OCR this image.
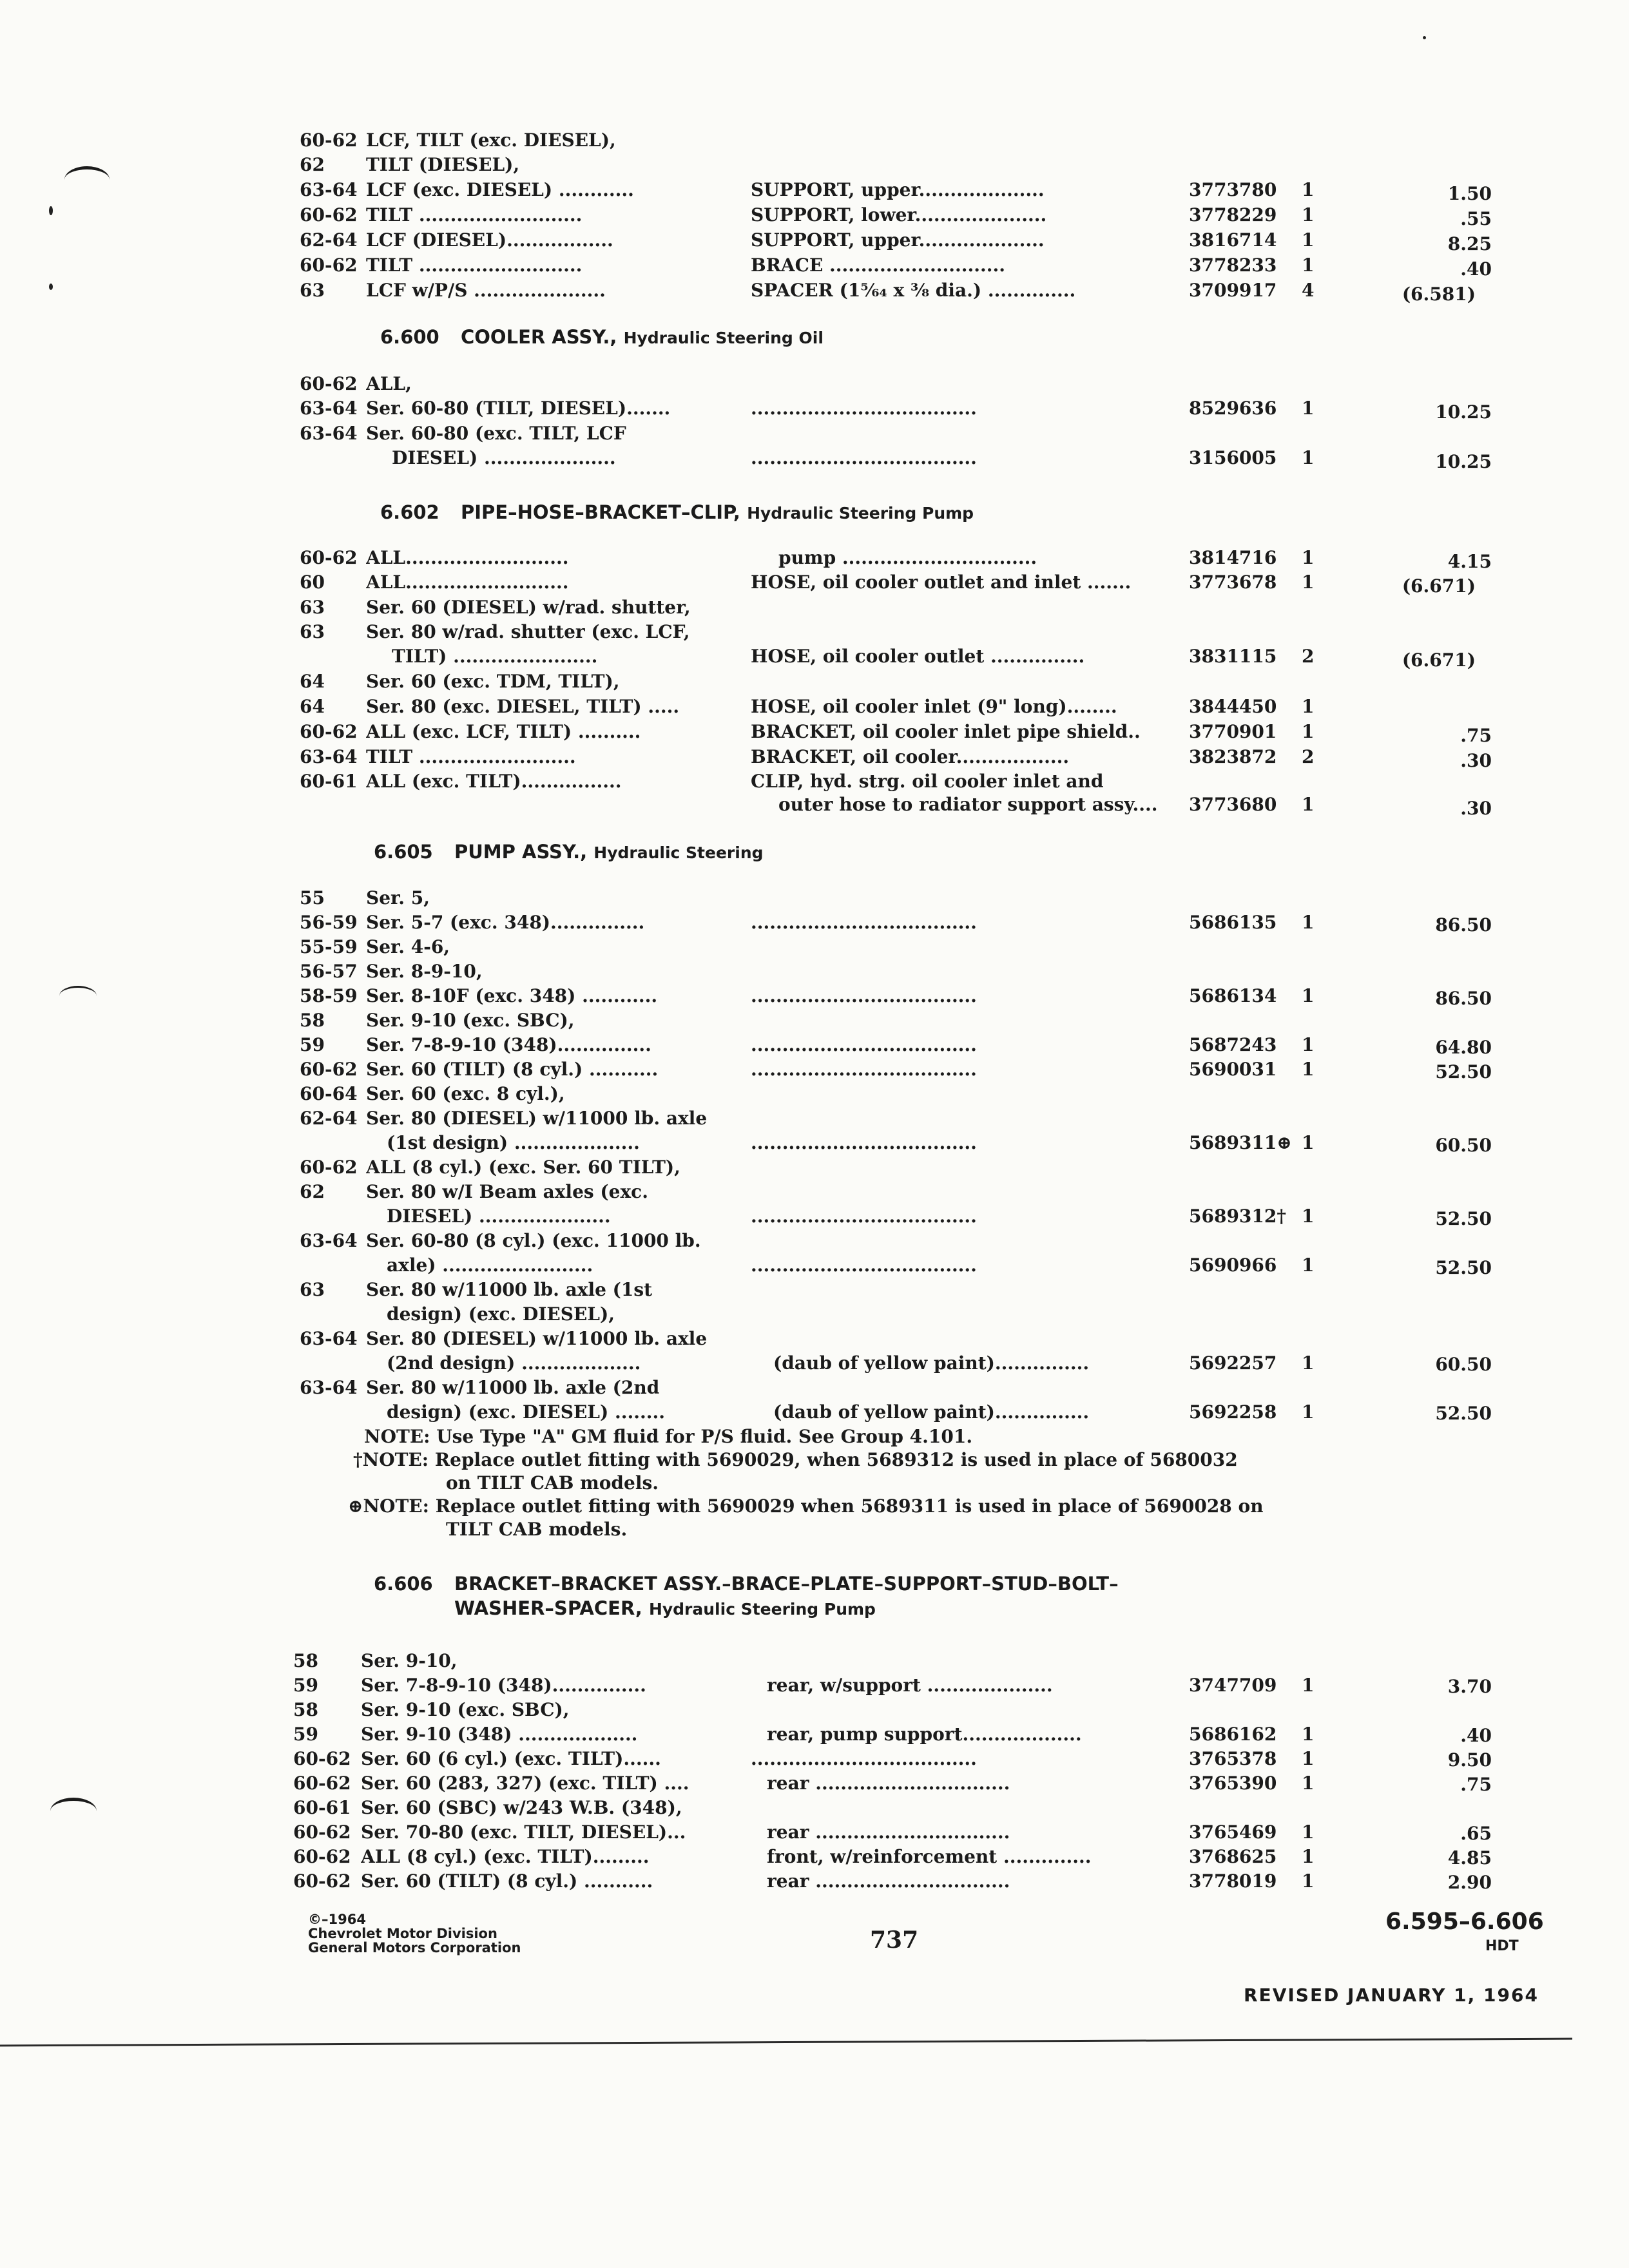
60-62 LCF, TILT (exc. DIESEL),
62	TILT (DIESEL),
63-64 LCF (exc. DIESEL) ............	SUPPORT, upper....................	3773780	1	1.50
60-62 TILT ..........................	SUPPORT, lower.....................	3778229	1	.55
62-64 LCF (DIESEL).................	SUPPORT, upper....................	3816714	1	8.25
60-62 TILT ..........................	BRACE ............................	3778233	1	.40
63	LCF w/P/S .....................	SPACER (1⁵⁄₆₄ x ⅜ dia.) ..............	3709917	4	(6.581)
6.600 COOLER ASSY., Hydraulic Steering Oil
60-62 ALL,
63-64 Ser. 60-80 (TILT, DIESEL).......	....................................	8529636	1	10.25
63-64 Ser. 60-80 (exc. TILT, LCF
DIESEL) .....................	....................................	3156005	1	10.25
6.602 PIPE–HOSE–BRACKET–CLIP, Hydraulic Steering Pump
60-62 ALL..........................	pump ...............................	3814716	1	4.15
60	ALL..........................	HOSE, oil cooler outlet and inlet .......	3773678	1	(6.671)
63	Ser. 60 (DIESEL) w/rad. shutter,
63	Ser. 80 w/rad. shutter (exc. LCF,
TILT) .......................	HOSE, oil cooler outlet ...............	3831115	2	(6.671)
64	Ser. 60 (exc. TDM, TILT),
64	Ser. 80 (exc. DIESEL, TILT) .....	HOSE, oil cooler inlet (9" long)........	3844450	1
60-62 ALL (exc. LCF, TILT) ..........	BRACKET, oil cooler inlet pipe shield..	3770901	1	.75
63-64 TILT .........................	BRACKET, oil cooler..................	3823872	2	.30
60-61 ALL (exc. TILT)................	CLIP, hyd. strg. oil cooler inlet and
outer hose to radiator support assy....	3773680	1	.30
6.605 PUMP ASSY., Hydraulic Steering
55	Ser. 5,
56-59 Ser. 5-7 (exc. 348)...............	....................................	5686135	1	86.50
55-59 Ser. 4-6,
56-57 Ser. 8-9-10,
58-59 Ser. 8-10F (exc. 348) ............	....................................	5686134	1	86.50
58	Ser. 9-10 (exc. SBC),
59	Ser. 7-8-9-10 (348)...............	....................................	5687243	1	64.80
60-62 Ser. 60 (TILT) (8 cyl.) ...........	....................................	5690031	1	52.50
60-64 Ser. 60 (exc. 8 cyl.),
62-64 Ser. 80 (DIESEL) w/11000 lb. axle
(1st design) ....................	....................................	5689311⊕ 1	60.50
60-62 ALL (8 cyl.) (exc. Ser. 60 TILT),
62	Ser. 80 w/I Beam axles (exc.
DIESEL) .....................	....................................	5689312† 1	52.50
63-64 Ser. 60-80 (8 cyl.) (exc. 11000 lb.
axle) ........................	....................................	5690966	1	52.50
63	Ser. 80 w/11000 lb. axle (1st
design) (exc. DIESEL),
63-64 Ser. 80 (DIESEL) w/11000 lb. axle
(2nd design) ...................	(daub of yellow paint)...............	5692257	1	60.50
63-64 Ser. 80 w/11000 lb. axle (2nd
design) (exc. DIESEL) ........	(daub of yellow paint)...............	5692258	1	52.50
NOTE: Use Type "A" GM fluid for P/S fluid. See Group 4.101.
†NOTE: Replace outlet fitting with 5690029, when 5689312 is used in place of 5680032
on TILT CAB models.
⊕NOTE: Replace outlet fitting with 5690029 when 5689311 is used in place of 5690028 on
TILT CAB models.
6.606 BRACKET–BRACKET ASSY.–BRACE–PLATE–SUPPORT–STUD–BOLT–
WASHER–SPACER, Hydraulic Steering Pump
58	Ser. 9-10,
59	Ser. 7-8-9-10 (348)...............	rear, w/support ....................	3747709	1	3.70
58	Ser. 9-10 (exc. SBC),
59	Ser. 9-10 (348) ...................	rear, pump support...................	5686162	1	.40
60-62 Ser. 60 (6 cyl.) (exc. TILT)......	....................................	3765378	1	9.50
60-62 Ser. 60 (283, 327) (exc. TILT) ....	rear ...............................	3765390	1	.75
60-61 Ser. 60 (SBC) w/243 W.B. (348),
60-62 Ser. 70-80 (exc. TILT, DIESEL)...	rear ...............................	3765469	1	.65
60-62 ALL (8 cyl.) (exc. TILT).........	front, w/reinforcement ..............	3768625	1	4.85
60-62 Ser. 60 (TILT) (8 cyl.) ...........	rear ...............................	3778019	1	2.90
©–1964
Chevrolet Motor Division
General Motors Corporation	737
6.595–6.606
HDT
REVISED JANUARY 1, 1964
